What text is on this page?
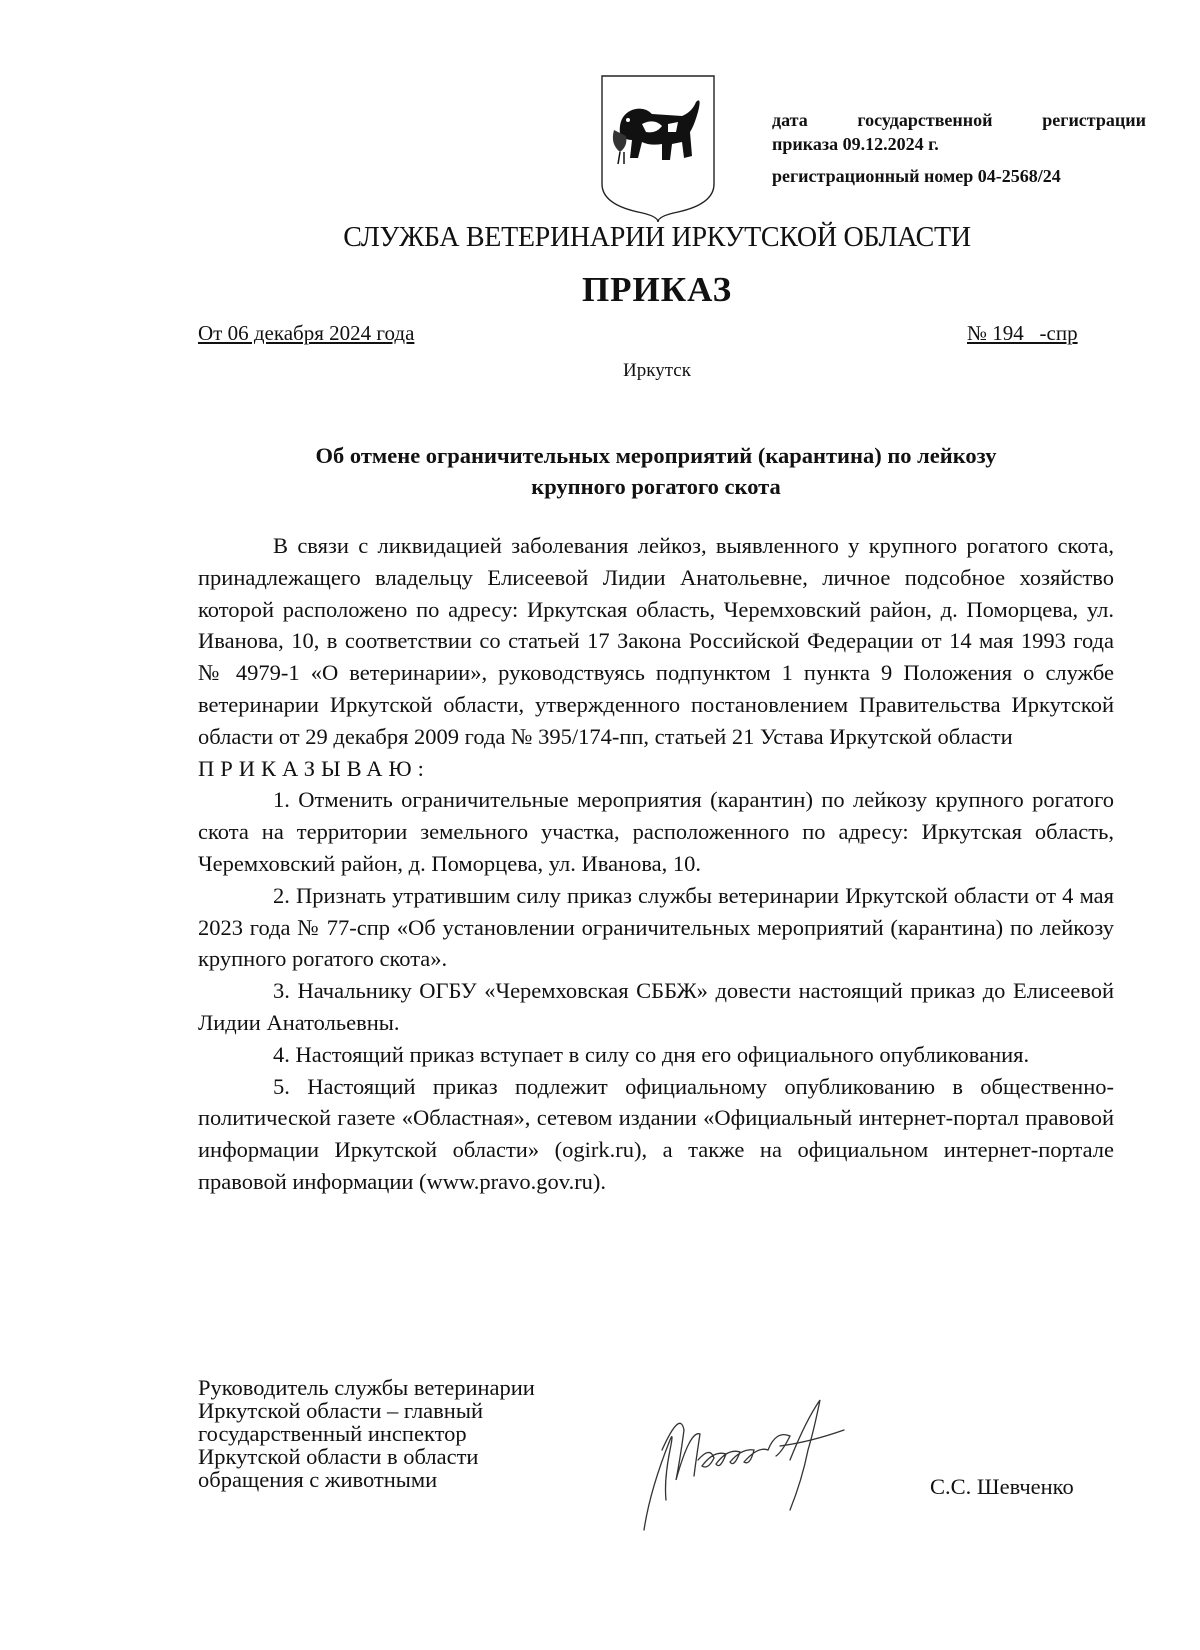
дата	государственной	регистрации
приказа 09.12.2024 г.
регистрационный номер 04-2568/24
СЛУЖБА ВЕТЕРИНАРИИ ИРКУТСКОЙ ОБЛАСТИ
ПРИКАЗ
От 06 декабря 2024 года	№ 194   -спр
Иркутск
Об отмене ограничительных мероприятий (карантина) по лейкозу
крупного рогатого скота

В связи с ликвидацией заболевания лейкоз, выявленного у крупного рогатого скота, принадлежащего владельцу Елисеевой Лидии Анатольевне, личное подсобное хозяйство которой расположено по адресу: Иркутская область, Черемховский район, д. Поморцева, ул. Иванова, 10, в соответствии со статьей 17 Закона Российской Федерации от 14 мая 1993 года № 4979-1 «О ветеринарии», руководствуясь подпунктом 1 пункта 9 Положения о службе ветеринарии Иркутской области, утвержденного постановлением Правительства Иркутской области от 29 декабря 2009 года № 395/174-пп, статьей 21 Устава Иркутской области

ПРИКАЗЫВАЮ:

1. Отменить ограничительные мероприятия (карантин) по лейкозу крупного рогатого скота на территории земельного участка, расположенного по адресу: Иркутская область, Черемховский район, д. Поморцева, ул. Иванова, 10.

2. Признать утратившим силу приказ службы ветеринарии Иркутской области от 4 мая 2023 года № 77-спр «Об установлении ограничительных мероприятий (карантина) по лейкозу крупного рогатого скота».

3. Начальнику ОГБУ «Черемховская СББЖ» довести настоящий приказ до Елисеевой Лидии Анатольевны.

4. Настоящий приказ вступает в силу со дня его официального опубликования.

5. Настоящий приказ подлежит официальному опубликованию в общественно-политической газете «Областная», сетевом издании «Официальный интернет-портал правовой информации Иркутской области» (ogirk.ru), а также на официальном интернет-портале правовой информации (www.pravo.gov.ru).

Руководитель службы ветеринарии
Иркутской области – главный
государственный инспектор
Иркутской области в области
обращения с животными	С.С. Шевченко
